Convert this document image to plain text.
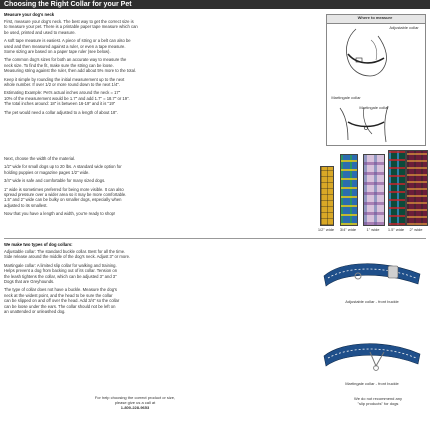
Choosing the Right Collar for your Pet
Measure your dog's neck
First, measure your dog's neck. The best way to get the correct size is
to measure your pet. There is a printable paper tape measure which can
be used, printed and used to measure.
A soft tape measure is easiest. A piece of string or a belt can also be
used and then measured against a ruler, or even a tape measure.
Some sizing are based on a paper tape ruler (see below).
The common dog's sizes for both an accurate way to measure the
neck size. To find the fit, make sure the string can be loose.
Measuring string against the ruler, then add about 5% more to the total.
Keep it simple by rounding the initial measurement up to the next
whole number. If over 1/2 or more round down to the next 1/4".
Estimating Example: Pet's actual inches around the neck = 17"
10% of the measurement would be 1.7" and add 1.7" = 18.7" or 19".
The total inches around: 18" is between 16-19" and it is "19"
The pet would need a collar adjusted to a length of about 18".
Where to measure
Adjustable collar
Martingale collar
Martingale collar
Next, choose the width of the material.
1/2" wide for small dogs up to 20 lbs. A standard wide option for
holding puppies or magazine pages 1/2" wide.
3/4" wide is safe and comfortable for many sized dogs.
1" wide is sometimes preferred for being more visible. It can also
spread pressure over a wider area so it may be more comfortable.
1.5" and 2" wide can be bulky on smaller dogs, especially when
adjusted to its smallest.
Now that you have a length and width, you're ready to shop!
1/2" wide	3/4" wide	1" wide	1.5" wide	2" wide
We make two types of dog collars:
Adjustable collar: The standard buckle collar. Best for all the time.
Side release around the middle of the dog's neck. Adjust 3" or more.
Martingale collar: A limited slip collar for walking and training.
Helps prevent a dog from backing out of its collar. Tension on
the leash tightens the collar, which can be adjusted 3" and 3"
Dogs that are Greyhounds.
The type of collar does not have a buckle. Measure the dog's
neck at the widest point, and the head to be sure the collar
can be slipped on and off over the head. Add 3/4" so the collar
can be loose under the ears. The collar should not be left on
an unattended or unleashed dog.
Adjustable collar - front buckle
Martingale collar - front buckle
For help choosing the correct product or size,
please give us a call at
1-800-228-9653
We do not recommend any
"slip products" for dogs
